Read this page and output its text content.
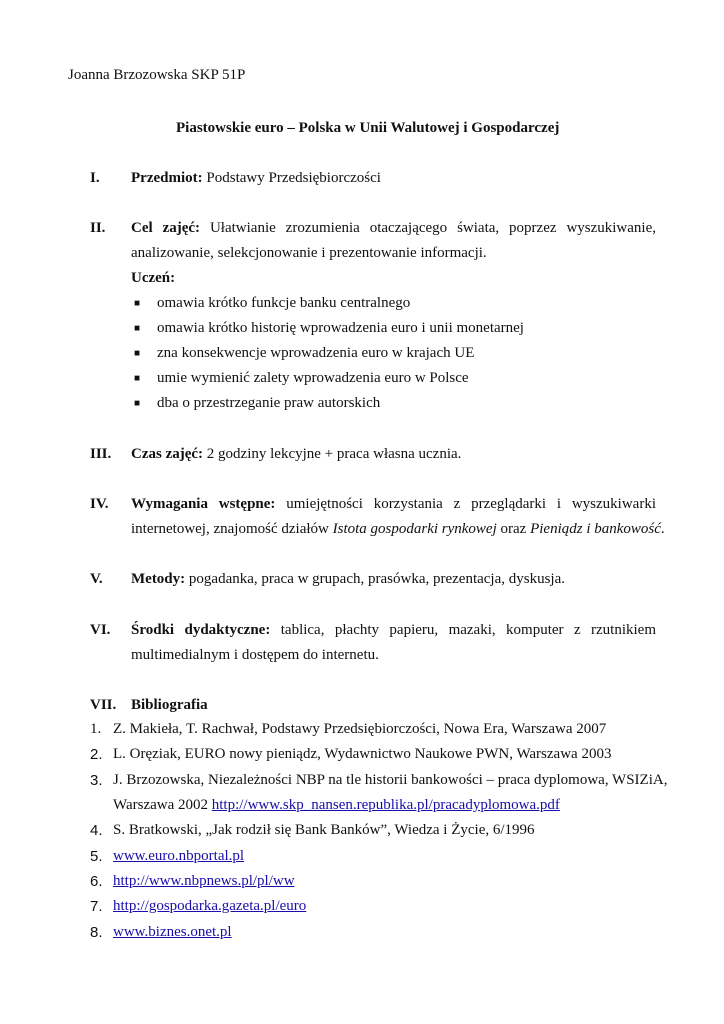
Joanna Brzozowska SKP 51P
Piastowskie euro – Polska w Unii Walutowej i Gospodarczej
I. Przedmiot: Podstawy Przedsiębiorczości
II. Cel zajęć: Ułatwianie zrozumienia otaczającego świata, poprzez wyszukiwanie,
analizowanie, selekcjonowanie i prezentowanie informacji.
Uczeń:
■ omawia krótko funkcje banku centralnego
■ omawia krótko historię wprowadzenia euro i unii monetarnej
■ zna konsekwencje wprowadzenia euro w krajach UE
■ umie wymienić zalety wprowadzenia euro w Polsce
■ dba o przestrzeganie praw autorskich
III. Czas zajęć: 2 godziny lekcyjne + praca własna ucznia.
IV. Wymagania wstępne: umiejętności korzystania z przeglądarki i wyszukiwarki
internetowej, znajomość działów Istota gospodarki rynkowej oraz Pieniądz i bankowość.
V. Metody: pogadanka, praca w grupach, prasówka, prezentacja, dyskusja.
VI. Środki dydaktyczne: tablica, płachty papieru, mazaki, komputer z rzutnikiem
multimedialnym i dostępem do internetu.
VII. Bibliografia
1. Z. Makieła, T. Rachwał, Podstawy Przedsiębiorczości, Nowa Era, Warszawa 2007
2. L. Oręziak, EURO nowy pieniądz, Wydawnictwo Naukowe PWN, Warszawa 2003
3. J. Brzozowska, Niezależności NBP na tle historii bankowości – praca dyplomowa, WSIZiA,
Warszawa 2002 http://www.skp_nansen.republika.pl/pracadyplomowa.pdf
4. S. Bratkowski, „Jak rodził się Bank Banków”, Wiedza i Życie, 6/1996
5. www.euro.nbportal.pl
6. http://www.nbpnews.pl/pl/ww
7. http://gospodarka.gazeta.pl/euro
8. www.biznes.onet.pl
